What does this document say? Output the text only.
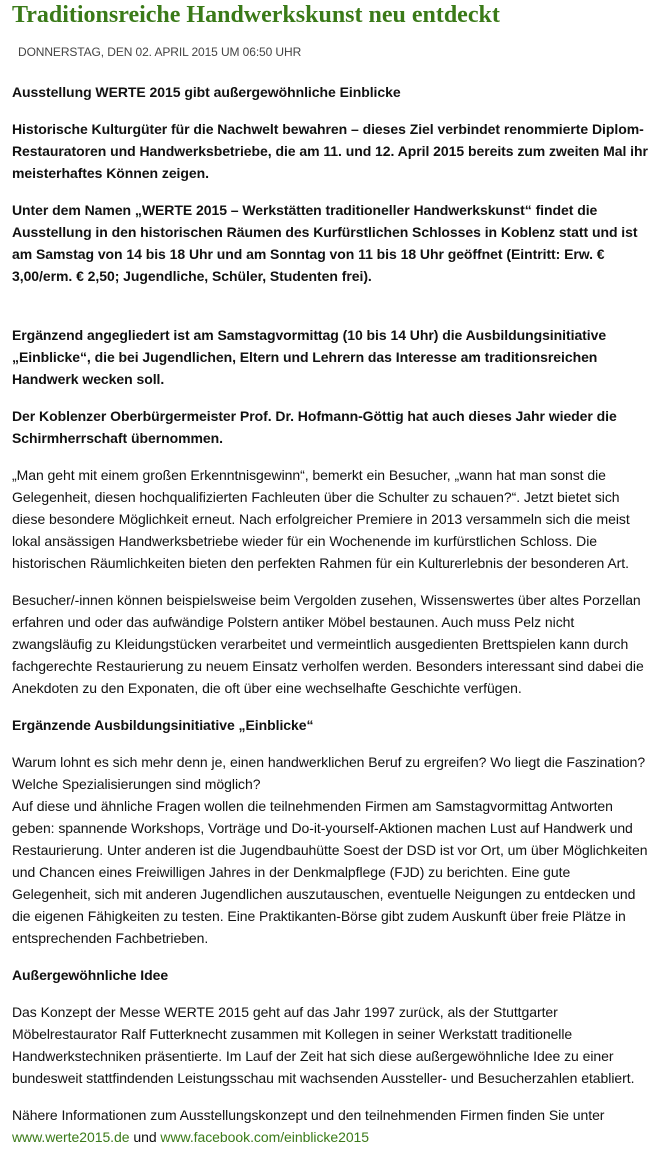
Traditionsreiche Handwerkskunst neu entdeckt
DONNERSTAG, DEN 02. APRIL 2015 UM 06:50 UHR

Ausstellung WERTE 2015 gibt außergewöhnliche Einblicke

Historische Kulturgüter für die Nachwelt bewahren – dieses Ziel verbindet renommierte Diplom-Restauratoren und Handwerksbetriebe, die am 11. und 12. April 2015 bereits zum zweiten Mal ihr meisterhaftes Können zeigen.

Unter dem Namen „WERTE 2015 – Werkstätten traditioneller Handwerkskunst“ findet die Ausstellung in den historischen Räumen des Kurfürstlichen Schlosses in Koblenz statt und ist am Samstag von 14 bis 18 Uhr und am Sonntag von 11 bis 18 Uhr geöffnet (Eintritt: Erw. € 3,00/erm. € 2,50; Jugendliche, Schüler, Studenten frei).

Ergänzend angegliedert ist am Samstagvormittag (10 bis 14 Uhr) die Ausbildungsinitiative „Einblicke“, die bei Jugendlichen, Eltern und Lehrern das Interesse am traditionsreichen Handwerk wecken soll.

Der Koblenzer Oberbürgermeister Prof. Dr. Hofmann-Göttig hat auch dieses Jahr wieder die Schirmherrschaft übernommen.

„Man geht mit einem großen Erkenntnisgewinn“, bemerkt ein Besucher, „wann hat man sonst die Gelegenheit, diesen hochqualifizierten Fachleuten über die Schulter zu schauen?“. Jetzt bietet sich diese besondere Möglichkeit erneut. Nach erfolgreicher Premiere in 2013 versammeln sich die meist lokal ansässigen Handwerksbetriebe wieder für ein Wochenende im kurfürstlichen Schloss. Die historischen Räumlichkeiten bieten den perfekten Rahmen für ein Kulturerlebnis der besonderen Art.

Besucher/-innen können beispielsweise beim Vergolden zusehen, Wissenswertes über altes Porzellan erfahren und oder das aufwändige Polstern antiker Möbel bestaunen. Auch muss Pelz nicht zwangsläufig zu Kleidungstücken verarbeitet und vermeintlich ausgedienten Brettspielen kann durch fachgerechte Restaurierung zu neuem Einsatz verholfen werden. Besonders interessant sind dabei die Anekdoten zu den Exponaten, die oft über eine wechselhafte Geschichte verfügen.

Ergänzende Ausbildungsinitiative „Einblicke“

Warum lohnt es sich mehr denn je, einen handwerklichen Beruf zu ergreifen? Wo liegt die Faszination? Welche Spezialisierungen sind möglich?

Auf diese und ähnliche Fragen wollen die teilnehmenden Firmen am Samstagvormittag Antworten geben: spannende Workshops, Vorträge und Do-it-yourself-Aktionen machen Lust auf Handwerk und Restaurierung. Unter anderen ist die Jugendbauhütte Soest der DSD ist vor Ort, um über Möglichkeiten und Chancen eines Freiwilligen Jahres in der Denkmalpflege (FJD) zu berichten. Eine gute Gelegenheit, sich mit anderen Jugendlichen auszutauschen, eventuelle Neigungen zu entdecken und die eigenen Fähigkeiten zu testen. Eine Praktikanten-Börse gibt zudem Auskunft über freie Plätze in entsprechenden Fachbetrieben.

Außergewöhnliche Idee

Das Konzept der Messe WERTE 2015 geht auf das Jahr 1997 zurück, als der Stuttgarter Möbelrestaurator Ralf Futterknecht zusammen mit Kollegen in seiner Werkstatt traditionelle Handwerkstechniken präsentierte. Im Lauf der Zeit hat sich diese außergewöhnliche Idee zu einer bundesweit stattfindenden Leistungsschau mit wachsenden Aussteller- und Besucherzahlen etabliert.

Nähere Informationen zum Ausstellungskonzept und den teilnehmenden Firmen finden Sie unter

www.werte2015.de und www.facebook.com/einblicke2015
